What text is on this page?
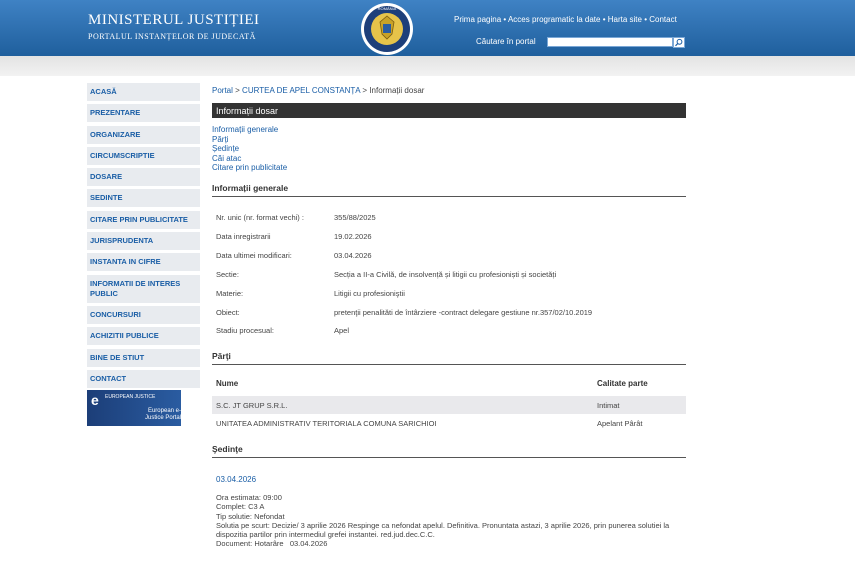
MINISTERUL JUSTIȚIEI
PORTALUL INSTANȚELOR DE JUDECATĂ
ROMÂNIA
Prima pagina • Acces programatic la date • Harta site • Contact
Căutare în portal
ACASĂ
PREZENTARE
ORGANIZARE
CIRCUMSCRIPTIE
DOSARE
SEDINTE
CITARE PRIN PUBLICITATE
JURISPRUDENTA
INSTANTA IN CIFRE
INFORMATII DE INTERES PUBLIC
CONCURSURI
ACHIZITII PUBLICE
BINE DE STIUT
CONTACT
e EUROPEAN JUSTICE
European e-Justice Portal
Portal > CURTEA DE APEL CONSTANȚA > Informații dosar
Informații dosar
Informații generale
Părți
Ședințe
Căi atac
Citare prin publicitate
Informații generale
Nr. unic (nr. format vechi) :	355/88/2025
Data inregistrarii	19.02.2026
Data ultimei modificari:	03.04.2026
Sectie:	Secția a II-a Civilă, de insolvență și litigii cu profesioniști și societăți
Materie:	Litigii cu profesioniştii
Obiect:	pretenţii penalităti de întârziere -contract delegare gestiune nr.357/02/10.2019
Stadiu procesual:	Apel
Părţi
Nume	Calitate parte
S.C. JT GRUP S.R.L.	Intimat
UNITATEA ADMINISTRATIV TERITORIALA COMUNA SARICHIOI	Apelant Pârât
Şedinţe
03.04.2026
Ora estimata: 09:00
Complet: C3 A
Tip solutie: Nefondat
Solutia pe scurt: Decizie/ 3 aprilie 2026 Respinge ca nefondat apelul. Definitiva. Pronuntata astazi, 3 aprilie 2026, prin punerea solutiei la dispozitia partilor prin intermediul grefei instantei. red.jud.dec.C.C.
Document: Hotarâre 03.04.2026
